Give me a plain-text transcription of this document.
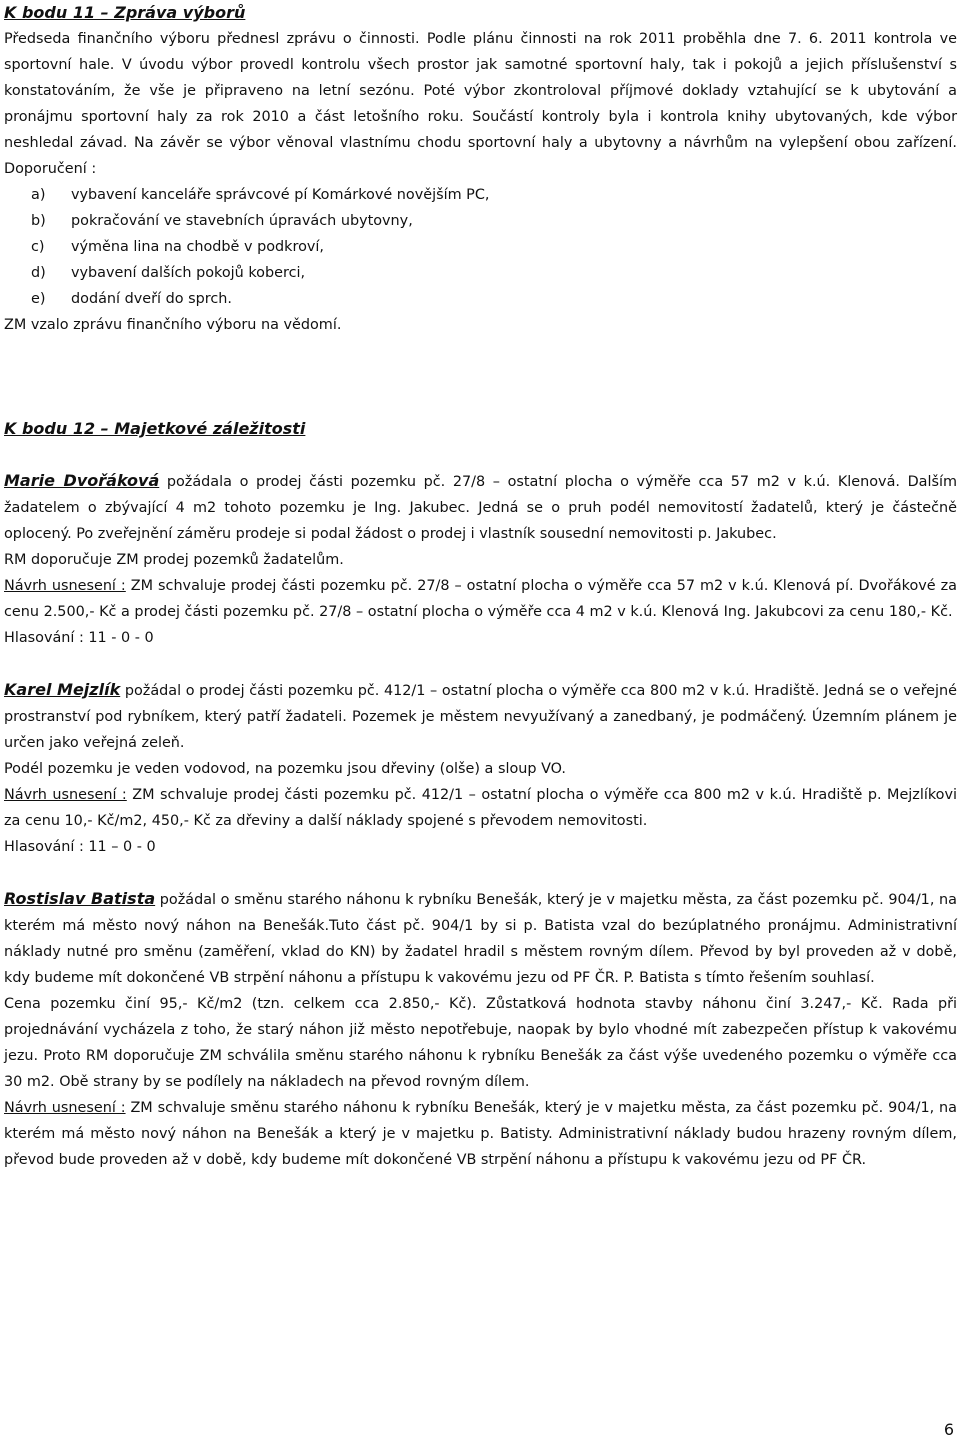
K bodu 11 – Zpráva výborů

Předseda finančního výboru přednesl zprávu o činnosti. Podle plánu činnosti na rok 2011 proběhla dne 7. 6. 2011 kontrola ve sportovní hale. V úvodu výbor provedl kontrolu všech prostor jak samotné sportovní haly, tak i pokojů a jejich příslušenství s konstatováním, že vše je připraveno na letní sezónu. Poté výbor zkontroloval příjmové doklady vztahující se k ubytování a pronájmu sportovní haly za rok 2010 a část letošního roku. Součástí kontroly byla i kontrola knihy ubytovaných, kde výbor neshledal závad. Na závěr se výbor věnoval vlastnímu chodu sportovní haly a ubytovny a návrhům na vylepšení obou zařízení. Doporučení :

a) vybavení kanceláře správcové pí Komárkové novějším PC,
b) pokračování ve stavebních úpravách ubytovny,
c) výměna lina na chodbě v podkroví,
d) vybavení dalších pokojů koberci,
e) dodání dveří do sprch.

ZM vzalo zprávu finančního výboru na vědomí.

K bodu 12 – Majetkové záležitosti

Marie Dvořáková požádala o prodej části pozemku pč. 27/8 – ostatní plocha o výměře cca 57 m2 v k.ú. Klenová. Dalším žadatelem o zbývající 4 m2 tohoto pozemku je Ing. Jakubec. Jedná se o pruh podél nemovitostí žadatelů, který je částečně oplocený. Po zveřejnění záměru prodeje si podal žádost o prodej i vlastník sousední nemovitosti p. Jakubec.

RM doporučuje ZM prodej pozemků žadatelům.

Návrh usnesení : ZM schvaluje prodej části pozemku pč. 27/8 – ostatní plocha o výměře cca 57 m2 v k.ú. Klenová pí. Dvořákové za cenu 2.500,- Kč a prodej části pozemku pč. 27/8 – ostatní plocha o výměře cca 4 m2 v k.ú. Klenová Ing. Jakubcovi za cenu 180,- Kč.

Hlasování : 11 - 0 - 0

Karel Mejzlík požádal o prodej části pozemku pč. 412/1 – ostatní plocha o výměře cca 800 m2 v k.ú. Hradiště. Jedná se o veřejné prostranství pod rybníkem, který patří žadateli. Pozemek je městem nevyužívaný a zanedbaný, je podmáčený. Územním plánem je určen jako veřejná zeleň.

Podél pozemku je veden vodovod, na pozemku jsou dřeviny (olše) a sloup VO.

Návrh usnesení : ZM schvaluje prodej části pozemku pč. 412/1 – ostatní plocha o výměře cca 800 m2 v k.ú. Hradiště p. Mejzlíkovi za cenu 10,- Kč/m2, 450,- Kč za dřeviny a další náklady spojené s převodem nemovitosti.

Hlasování : 11 – 0 - 0

Rostislav Batista požádal o směnu starého náhonu k rybníku Benešák, který je v majetku města, za část pozemku pč. 904/1, na kterém má město nový náhon na Benešák.Tuto část pč. 904/1 by si p. Batista vzal do bezúplatného pronájmu. Administrativní náklady nutné pro směnu (zaměření, vklad do KN) by žadatel hradil s městem rovným dílem. Převod by byl proveden až v době, kdy budeme mít dokončené VB strpění náhonu a přístupu k vakovému jezu od PF ČR. P. Batista s tímto řešením souhlasí.

Cena pozemku činí 95,- Kč/m2 (tzn. celkem cca 2.850,- Kč). Zůstatková hodnota stavby náhonu činí 3.247,- Kč. Rada při projednávání vycházela z toho, že starý náhon již město nepotřebuje, naopak by bylo vhodné mít zabezpečen přístup k vakovému jezu. Proto RM doporučuje ZM schválila směnu starého náhonu k rybníku Benešák za část výše uvedeného pozemku o výměře cca 30 m2. Obě strany by se podílely na nákladech na převod rovným dílem.

Návrh usnesení : ZM schvaluje směnu starého náhonu k rybníku Benešák, který je v majetku města, za část pozemku pč. 904/1, na kterém má město nový náhon na Benešák a který je v majetku p. Batisty. Administrativní náklady budou hrazeny rovným dílem, převod bude proveden až v době, kdy budeme mít dokončené VB strpění náhonu a přístupu k vakovému jezu od PF ČR.

6
